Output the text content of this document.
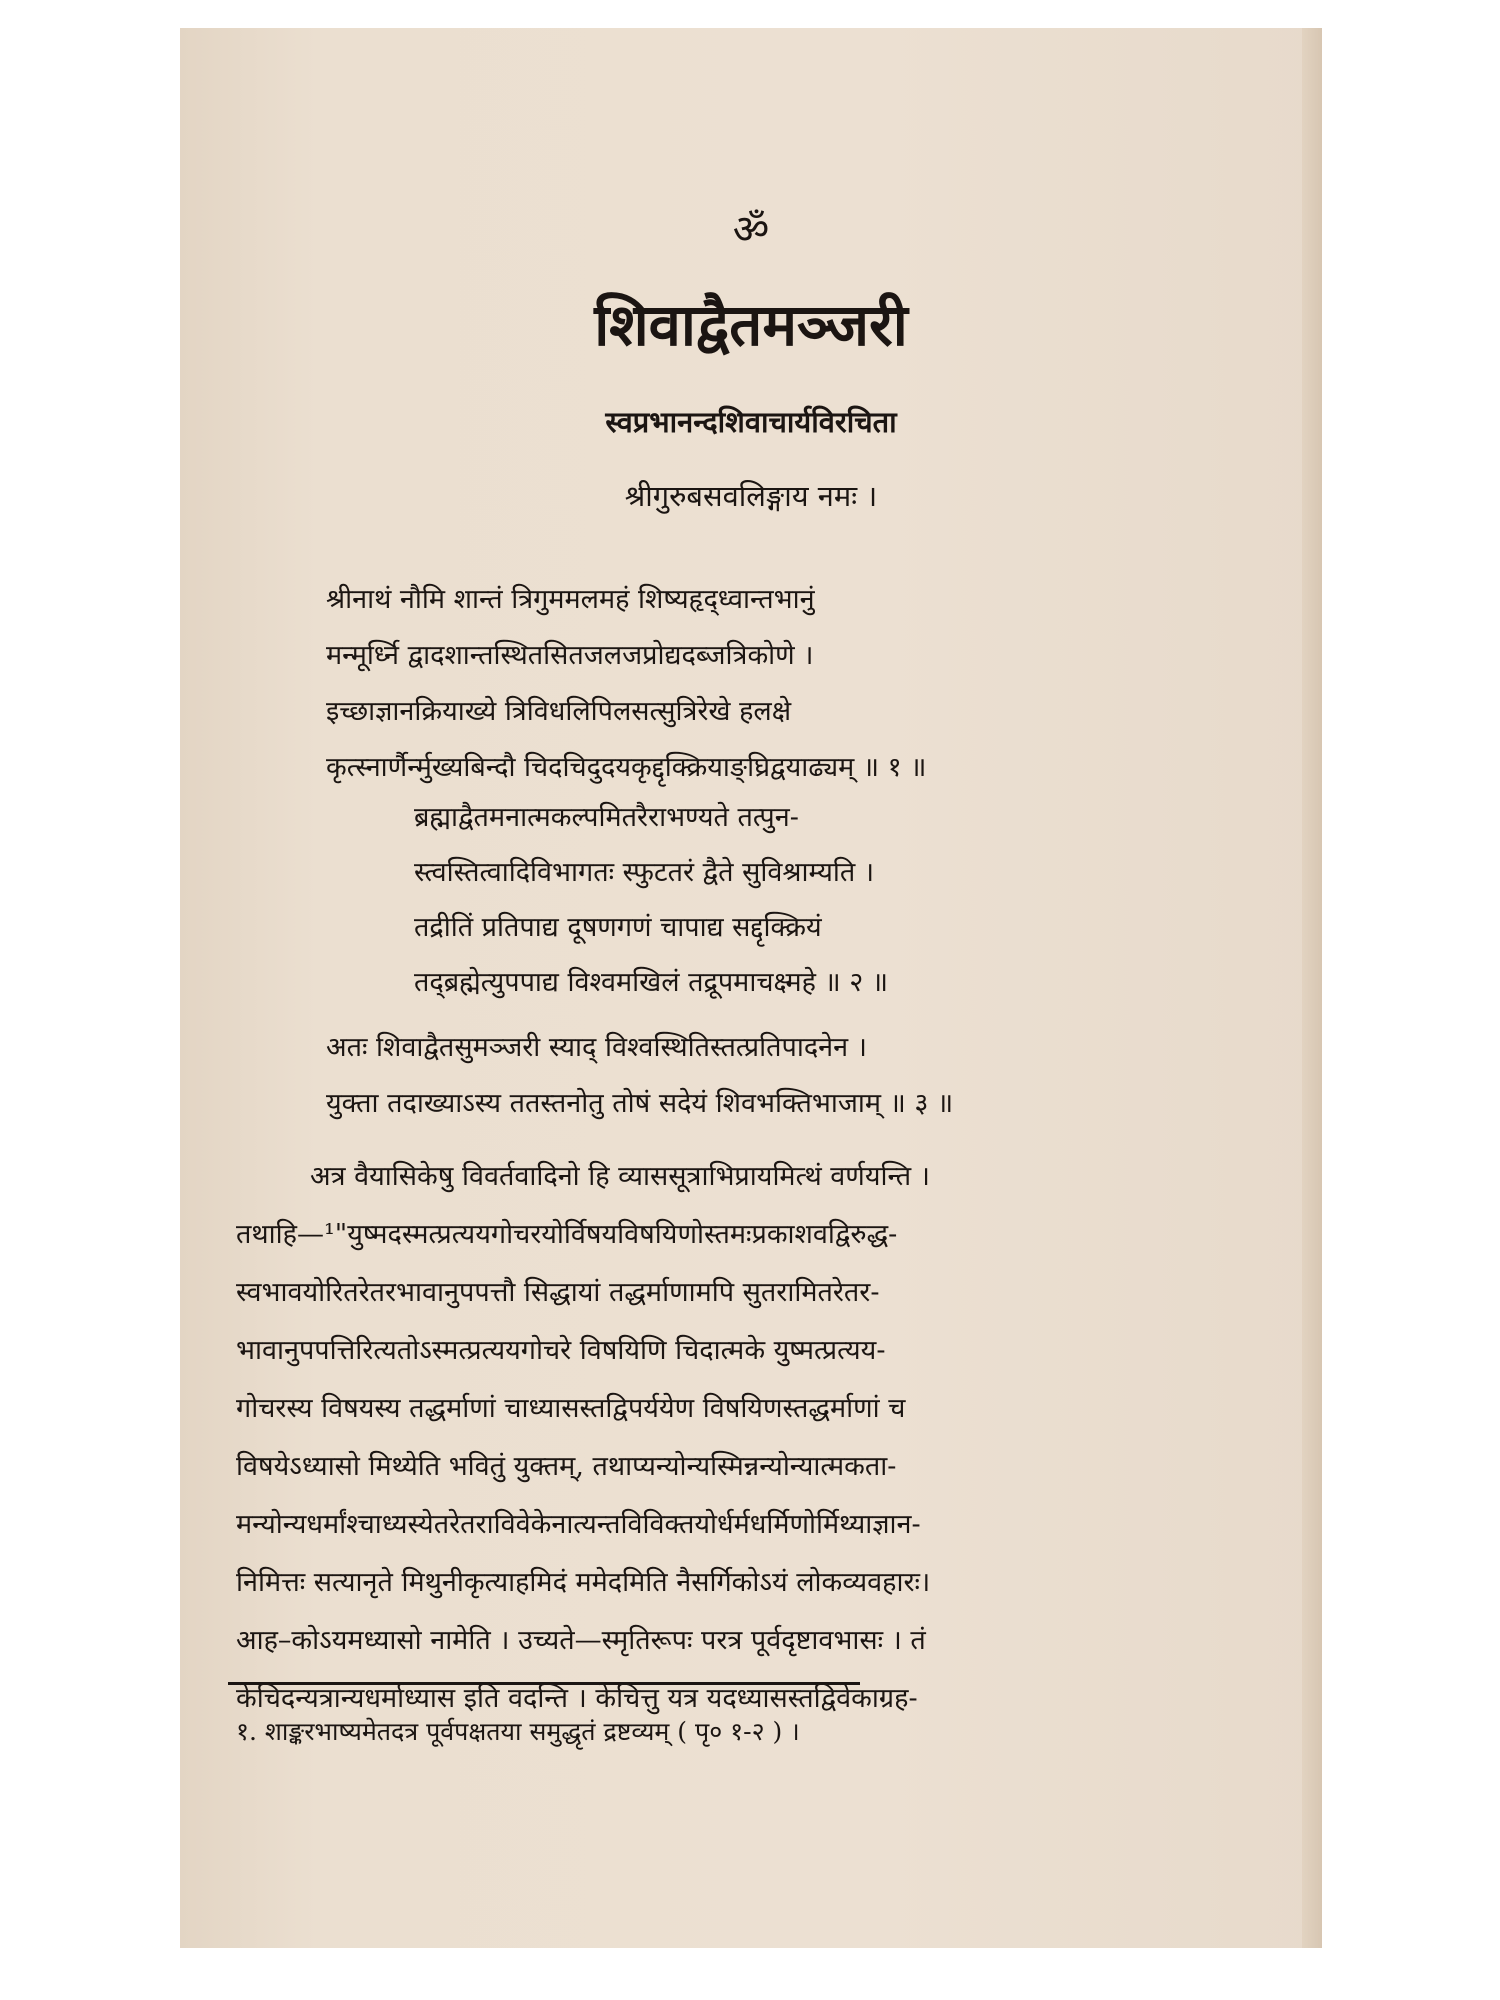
ॐ
शिवाद्वैतमञ्जरी
स्वप्रभानन्दशिवाचार्यविरचिता
श्रीगुरुबसवलिङ्गाय नमः ।
श्रीनाथं नौमि शान्तं त्रिगुममलमहं शिष्यहृद्ध्वान्तभानुं
मन्मूर्ध्नि द्वादशान्तस्थितसितजलजप्रोद्यदब्जत्रिकोणे ।
इच्छाज्ञानक्रियाख्ये त्रिविधलिपिलसत्सुत्रिरेखे हलक्षे
कृत्स्नार्णैर्न्मुख्यबिन्दौ चिदचिदुदयकृद्दृक्क्रियाङ्घ्रिद्वयाढ्यम् ॥ १ ॥
ब्रह्माद्वैतमनात्मकल्पमितरैराभण्यते तत्पुन-
स्त्वस्तित्वादिविभागतः स्फुटतरं द्वैते सुविश्राम्यति ।
तद्रीतिं प्रतिपाद्य दूषणगणं चापाद्य सद्दृक्क्रियं
तद्ब्रह्मेत्युपपाद्य विश्वमखिलं तद्रूपमाचक्ष्महे ॥ २ ॥
अतः शिवाद्वैतसुमञ्जरी स्याद् विश्वस्थितिस्तत्प्रतिपादनेन ।
युक्ता तदाख्याऽस्य ततस्तनोतु तोषं सदेयं शिवभक्तिभाजाम् ॥ ३ ॥
अत्र वैयासिकेषु विवर्तवादिनो हि व्याससूत्राभिप्रायमित्थं वर्णयन्ति ।
तथाहि—¹"युष्मदस्मत्प्रत्ययगोचरयोर्विषयविषयिणोस्तमःप्रकाशवद्विरुद्ध-
स्वभावयोरितरेतरभावानुपपत्तौ सिद्धायां तद्धर्माणामपि सुतरामितरेतर-
भावानुपपत्तिरित्यतोऽस्मत्प्रत्ययगोचरे विषयिणि चिदात्मके युष्मत्प्रत्यय-
गोचरस्य विषयस्य तद्धर्माणां चाध्यासस्तद्विपर्ययेण विषयिणस्तद्धर्माणां च
विषयेऽध्यासो मिथ्येति भवितुं युक्तम्, तथाप्यन्योन्यस्मिन्नन्योन्यात्मकता-
मन्योन्यधर्मांश्चाध्यस्येतरेतराविवेकेनात्यन्तविविक्तयोर्धर्मधर्मिणोर्मिथ्याज्ञान-
निमित्तः सत्यानृते मिथुनीकृत्याहमिदं ममेदमिति नैसर्गिकोऽयं लोकव्यवहारः।
आह–कोऽयमध्यासो नामेति । उच्यते—स्मृतिरूपः परत्र पूर्वदृष्टावभासः । तं
केचिदन्यत्रान्यधर्माध्यास इति वदन्ति । केचित्तु यत्र यदध्यासस्तद्विवेकाग्रह-
१. शाङ्करभाष्यमेतदत्र पूर्वपक्षतया समुद्धृतं द्रष्टव्यम् ( पृ० १-२ ) ।
